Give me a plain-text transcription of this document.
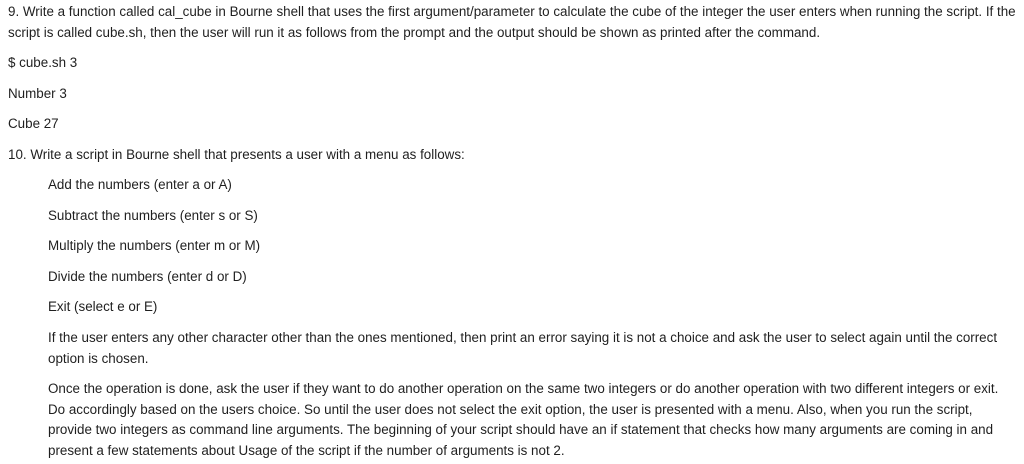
9. Write a function called cal_cube in Bourne shell that uses the first argument/parameter to calculate the cube of the integer the user enters when running the script. If the script is called cube.sh, then the user will run it as follows from the prompt and the output should be shown as printed after the command.

$ cube.sh 3

Number 3

Cube 27

10. Write a script in Bourne shell that presents a user with a menu as follows:

Add the numbers (enter a or A)

Subtract the numbers (enter s or S)

Multiply the numbers (enter m or M)

Divide the numbers (enter d or D)

Exit (select e or E)

If the user enters any other character other than the ones mentioned, then print an error saying it is not a choice and ask the user to select again until the correct option is chosen.

Once the operation is done, ask the user if they want to do another operation on the same two integers or do another operation with two different integers or exit. Do accordingly based on the users choice. So until the user does not select the exit option, the user is presented with a menu. Also, when you run the script, provide two integers as command line arguments. The beginning of your script should have an if statement that checks how many arguments are coming in and present a few statements about Usage of the script if the number of arguments is not 2.
